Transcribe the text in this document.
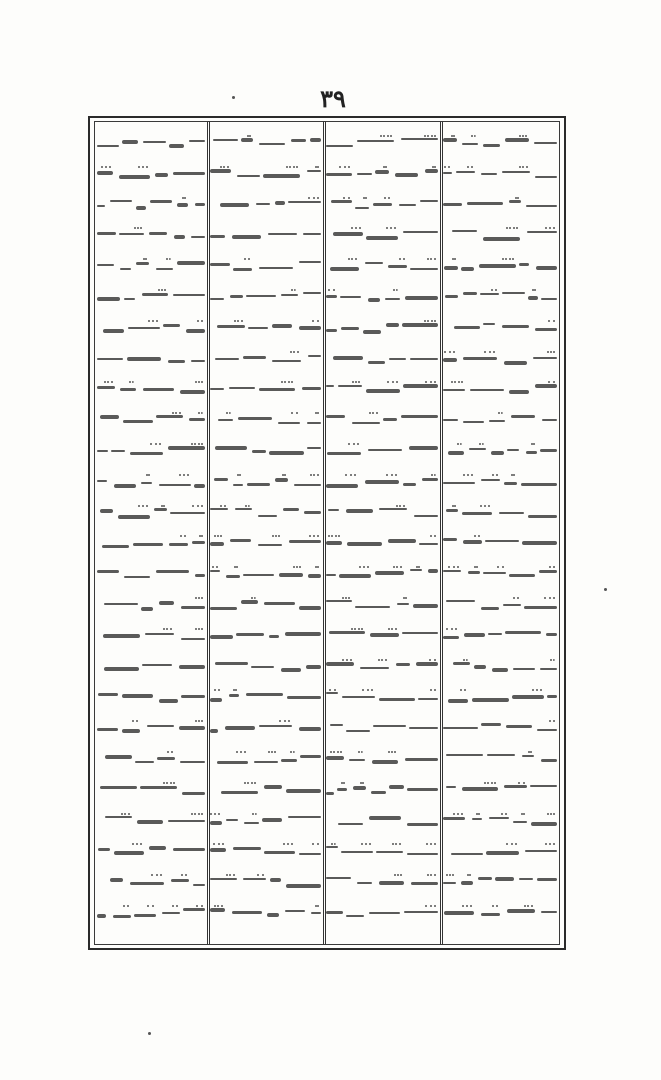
۳۹
